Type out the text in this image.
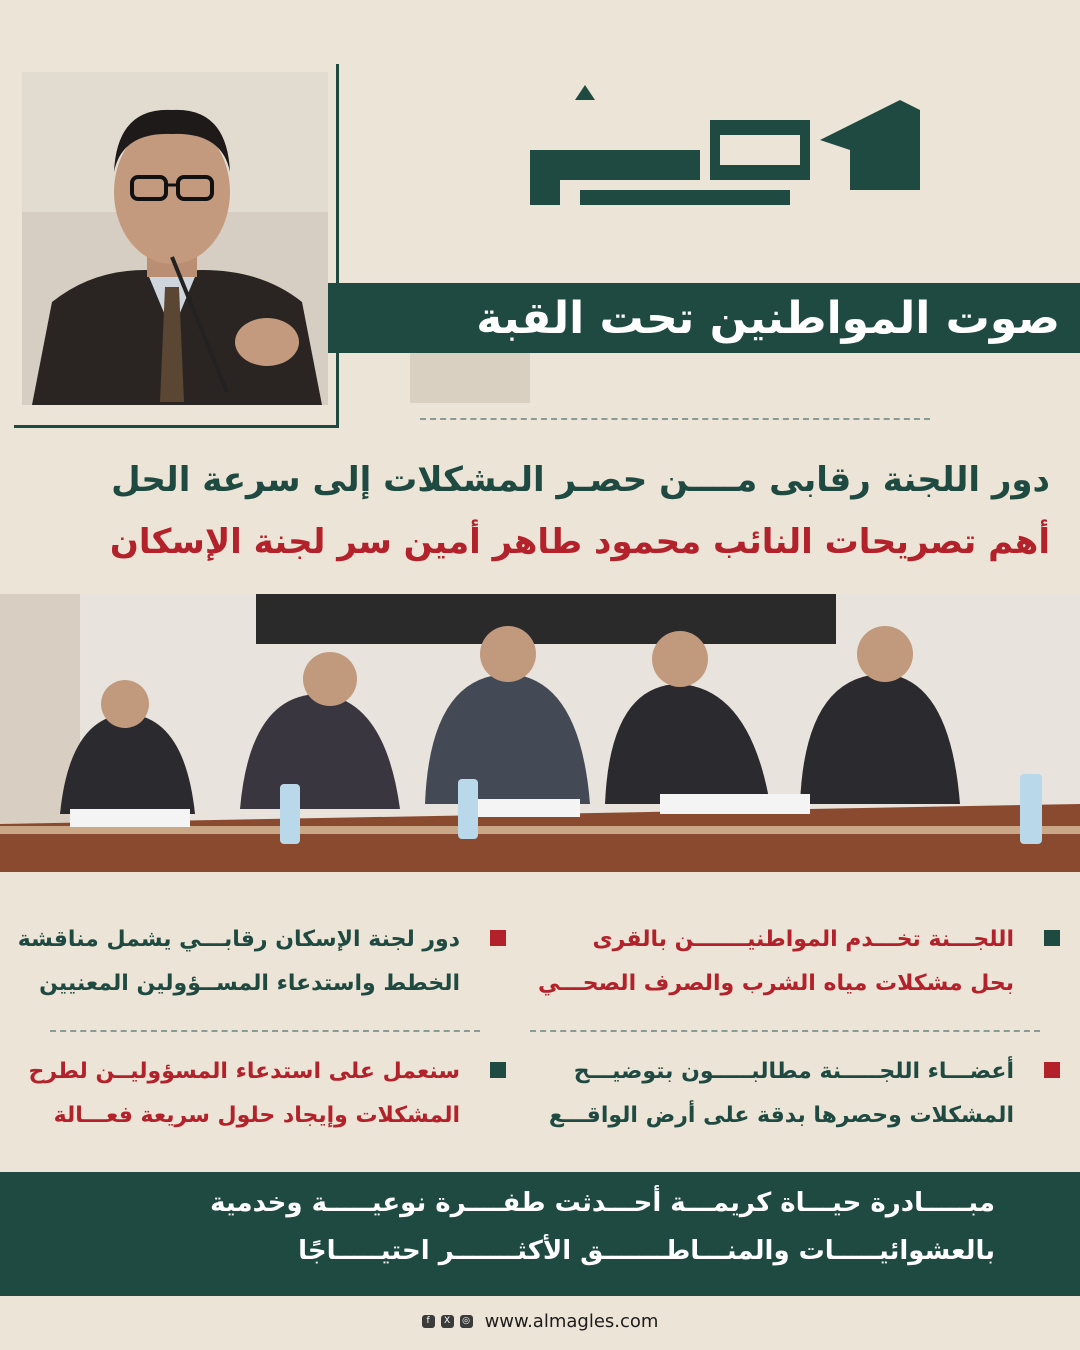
صوت المواطنين تحت القبة
دور اللجنة رقابى مــــن حصـر المشكلات إلى سرعة الحل
أهم تصريحات النائب محمود طاهر أمين سر لجنة الإسكان
اللجـــنة تخـــدم المواطنيـــــــن بالقرى
بحل مشكلات مياه الشرب والصرف الصحـــي
دور لجنة الإسكان رقابـــي يشمل مناقشة
الخطط واستدعاء المســؤولين المعنيين
أعضـــاء اللجـــــنة مطالبـــــون بتوضيـــح
المشكلات وحصرها بدقة على أرض الواقـــع
سنعمل على استدعاء المسؤوليــن لطرح
المشكلات وإيجاد حلول سريعة فعـــالة
مبـــــادرة حيـــاة كريمـــة أحـــدثت طفــــرة نوعيـــــة وخدمية
بالعشوائيـــــات والمنـــاطـــــــق الأكثـــــــر احتيـــــاجًا
f	X	◎ www.almagles.com
